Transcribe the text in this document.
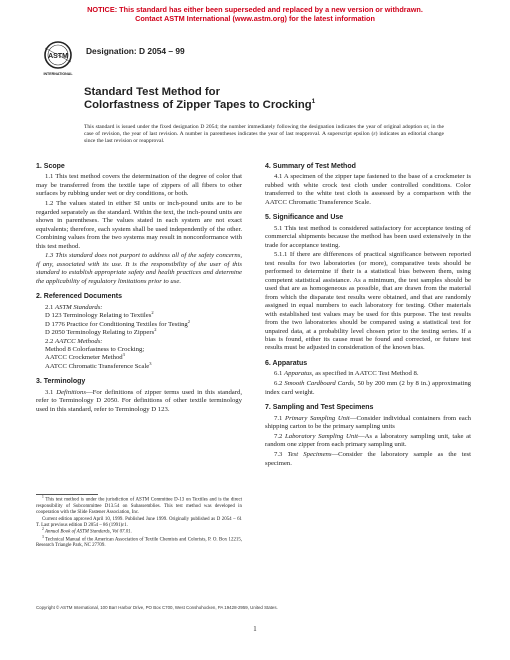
NOTICE: This standard has either been superseded and replaced by a new version or withdrawn.
Contact ASTM International (www.astm.org) for the latest information
ASTM
INTERNATIONAL
Designation: D 2054 – 99
Standard Test Method for
Colorfastness of Zipper Tapes to Crocking$^1$
This standard is issued under the fixed designation D 2054; the number immediately following the designation indicates the year of original adoption or, in the case of revision, the year of last revision. A number in parentheses indicates the year of last reapproval. A superscript epsilon (ε) indicates an editorial change since the last revision or reapproval.
1. Scope

1.1 This test method covers the determination of the degree of color that may be transferred from the textile tape of zippers of all fibers to other surfaces by rubbing under wet or dry conditions, or both.

1.2 The values stated in either SI units or inch-pound units are to be regarded separately as the standard. Within the text, the inch-pound units are shown in parentheses. The values stated in each system are not exact equivalents; therefore, each system shall be used independently of the other. Combining values from the two systems may result in nonconformance with this test method.

1.3 This standard does not purport to address all of the safety concerns, if any, associated with its use. It is the responsibility of the user of this standard to establish appropriate safety and health practices and determine the applicability of regulatory limitations prior to use.

2. Referenced Documents
2.1 ASTM Standards:
D 123 Terminology Relating to Textiles$^2$
D 1776 Practice for Conditioning Textiles for Testing$^2$
D 2050 Terminology Relating to Zippers$^2$
2.2 AATCC Methods:
Method 8 Colorfastness to Crocking;
AATCC Crockmeter Method$^3$
AATCC Chromatic Transference Scale$^3$
3. Terminology

3.1 Definitions—For definitions of zipper terms used in this standard, refer to Terminology D 2050. For definitions of other textile terminology used in this standard, refer to Terminology D 123.

$^1$ This test method is under the jurisdiction of ASTM Committee D-13 on Textiles and is the direct responsibility of Subcommittee D13.54 on Subassemblies. This test method was developed in cooperation with the Slide Fastener Association, Inc.
Current edition approved April 10, 1999. Published June 1999. Originally published as D 2054 – 61 T. Last previous edition D 2054 – 86 (1991)ε1.
$^2$ Annual Book of ASTM Standards, Vol 07.01.
$^3$ Technical Manual of the American Association of Textile Chemists and Colorists, P. O. Box 12215, Research Triangle Park, NC 27709.
4. Summary of Test Method

4.1 A specimen of the zipper tape fastened to the base of a crockmeter is rubbed with white crock test cloth under controlled conditions. Color transferred to the white test cloth is assessed by a comparison with the AATCC Chromatic Transference Scale.

5. Significance and Use

5.1 This test method is considered satisfactory for acceptance testing of commercial shipments because the method has been used extensively in the trade for acceptance testing.

5.1.1 If there are differences of practical significance between reported test results for two laboratories (or more), comparative tests should be performed to determine if their is a statistical bias between them, using competent statistical assistance. As a minimum, the test samples should be used that are as homogeneous as possible, that are drawn from the material from which the disparate test results were obtained, and that are randomly assigned in equal numbers to each laboratory for testing. Other materials with established test values may be used for this purpose. The test results from the two laboratories should be compared using a statistical test for unpaired data, at a probability level chosen prior to the testing series. If a bias is found, either its cause must be found and corrected, or future test results must be adjusted in consideration of the known bias.

6. Apparatus

6.1 Apparatus, as specified in AATCC Test Method 8.

6.2 Smooth Cardboard Cards, 50 by 200 mm (2 by 8 in.) approximating index card weight.

7. Sampling and Test Specimens

7.1 Primary Sampling Unit—Consider individual containers from each shipping carton to be the primary sampling units

7.2 Laboratory Sampling Unit—As a laboratory sampling unit, take at random one zipper from each primary sampling unit.

7.3 Test Specimens—Consider the laboratory sample as the test specimen.

Copyright © ASTM International, 100 Barr Harbor Drive, PO Box C700, West Conshohocken, PA 19428-2959, United States.
1
